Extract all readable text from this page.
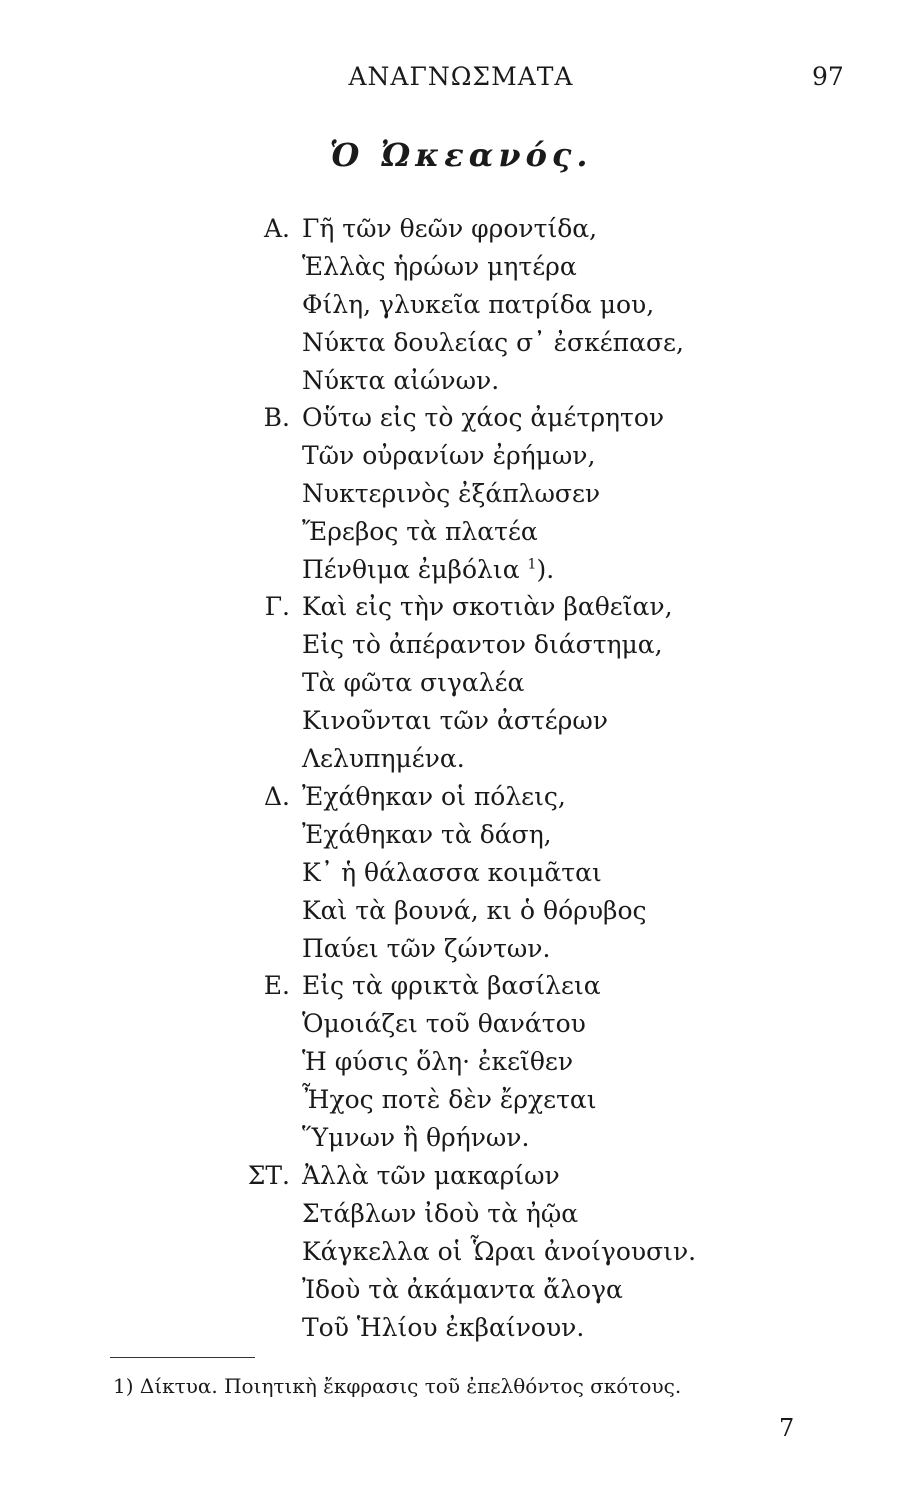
ΑΝΑΓΝΩΣΜΑΤΑ	97
Ὁ Ὠκεανός.
Α. Γῆ τῶν θεῶν φροντίδα,
Ἑλλὰς ἡρώων μητέρα
Φίλη, γλυκεῖα πατρίδα μου,
Νύκτα δουλείας σ᾽ ἐσκέπασε,
Νύκτα αἰώνων.
Β. Οὕτω εἰς τὸ χάος ἀμέτρητον
Τῶν οὐρανίων ἐρήμων,
Νυκτερινὸς ἐξάπλωσεν
Ἔρεβος τὰ πλατέα
Πένθιμα ἐμβόλια $^1$).
Γ. Καὶ εἰς τὴν σκοτιὰν βαθεῖαν,
Εἰς τὸ ἀπέραντον διάστημα,
Τὰ φῶτα σιγαλέα
Κινοῦνται τῶν ἀστέρων
Λελυπημένα.
Δ. Ἐχάθηκαν οἱ πόλεις,
Ἐχάθηκαν τὰ δάση,
Κ᾽ ἡ θάλασσα κοιμᾶται
Καὶ τὰ βουνά, κι ὁ θόρυβος
Παύει τῶν ζώντων.
Ε. Εἰς τὰ φρικτὰ βασίλεια
Ὁμοιάζει τοῦ θανάτου
Ἡ φύσις ὅλη· ἐκεῖθεν
Ἦχος ποτὲ δὲν ἔρχεται
Ὕμνων ἢ θρήνων.
ΣΤ. Ἀλλὰ τῶν μακαρίων
Στάβλων ἰδοὺ τὰ ἠῷα
Κάγκελλα οἱ Ὧραι ἀνοίγουσιν.
Ἰδοὺ τὰ ἀκάμαντα ἄλογα
Τοῦ Ἡλίου ἐκβαίνουν.
1) Δίκτυα. Ποιητικὴ ἔκφρασις τοῦ ἐπελθόντος σκότους.
7
